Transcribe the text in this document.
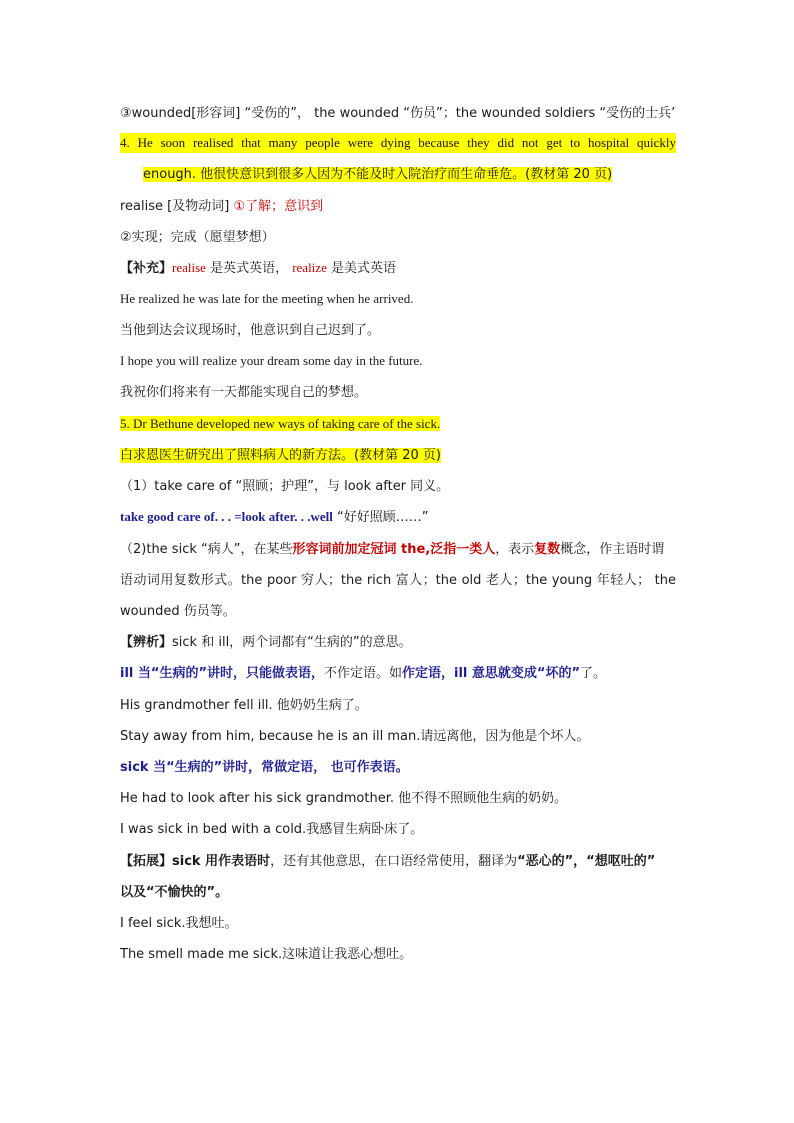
③wounded[形容词] “受伤的”， the wounded “伤员”；the wounded soldiers “受伤的士兵’
4. He soon realised that many people were dying because they did not get to hospital quickly
enough. 他很快意识到很多人因为不能及时入院治疗而生命垂危。(教材第 20 页)
realise [及物动词] ①了解；意识到
②实现；完成（愿望梦想）
【补充】realise 是英式英语， realize 是美式英语
He realized he was late for the meeting when he arrived.
当他到达会议现场时，他意识到自己迟到了。
I hope you will realize your dream some day in the future.
我祝你们将来有一天都能实现自己的梦想。
5. Dr Bethune developed new ways of taking care of the sick.
白求恩医生研究出了照料病人的新方法。(教材第 20 页)
（1）take care of “照顾；护理”，与 look after 同义。
take good care of. . . =look after. . .well “好好照顾……”
（2)the sick “病人”，在某些形容词前加定冠词 the,泛指一类人，表示复数概念，作主语时谓
语动词用复数形式。the poor 穷人；the rich 富人；the old 老人；the young 年轻人； the
wounded 伤员等。
【辨析】sick 和 ill，两个词都有“生病的”的意思。
ill 当“生病的”讲时，只能做表语，不作定语。如作定语，ill 意思就变成“坏的”了。
His grandmother fell ill. 他奶奶生病了。
Stay away from him, because he is an ill man.请远离他，因为他是个坏人。
sick 当“生病的”讲时，常做定语， 也可作表语。
He had to look after his sick grandmother. 他不得不照顾他生病的奶奶。
I was sick in bed with a cold.我感冒生病卧床了。
【拓展】sick 用作表语时，还有其他意思，在口语经常使用，翻译为“恶心的”，“想呕吐的”
以及“不愉快的”。
I feel sick.我想吐。
The smell made me sick.这味道让我恶心想吐。
